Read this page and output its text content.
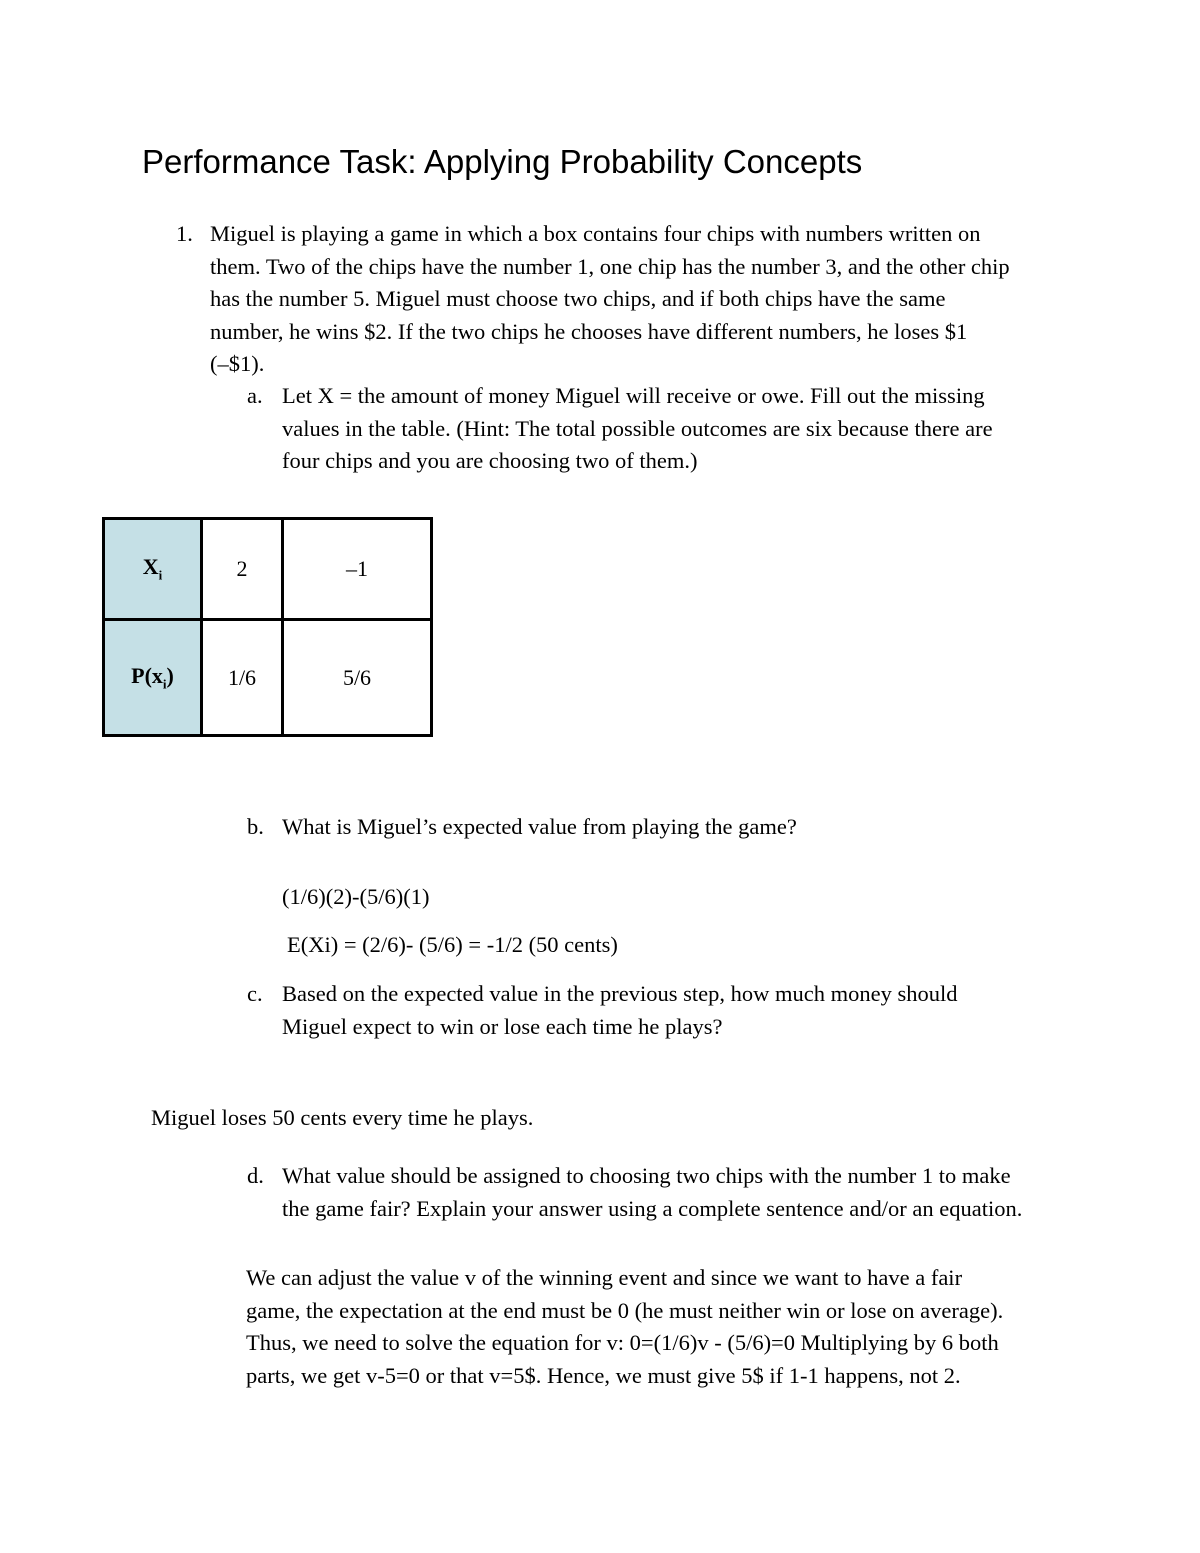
Performance Task: Applying Probability Concepts
1. Miguel is playing a game in which a box contains four chips with numbers written on
them. Two of the chips have the number 1, one chip has the number 3, and the other chip
has the number 5. Miguel must choose two chips, and if both chips have the same
number, he wins $2. If the two chips he chooses have different numbers, he loses $1
(–$1).
a. Let X = the amount of money Miguel will receive or owe. Fill out the missing
values in the table. (Hint: The total possible outcomes are six because there are
four chips and you are choosing two of them.)
$X_i$	2	–1
$P(x_i)$	1/6	5/6
b. What is Miguel’s expected value from playing the game?
(1/6)(2)-(5/6)(1)
E(Xi) = (2/6)- (5/6) = -1/2 (50 cents)
c. Based on the expected value in the previous step, how much money should
Miguel expect to win or lose each time he plays?
Miguel loses 50 cents every time he plays.
d. What value should be assigned to choosing two chips with the number 1 to make
the game fair? Explain your answer using a complete sentence and/or an equation.
We can adjust the value v of the winning event and since we want to have a fair
game, the expectation at the end must be 0 (he must neither win or lose on average).
Thus, we need to solve the equation for v: 0=(1/6)v - (5/6)=0 Multiplying by 6 both
parts, we get v-5=0 or that v=5$. Hence, we must give 5$ if 1-1 happens, not 2.
